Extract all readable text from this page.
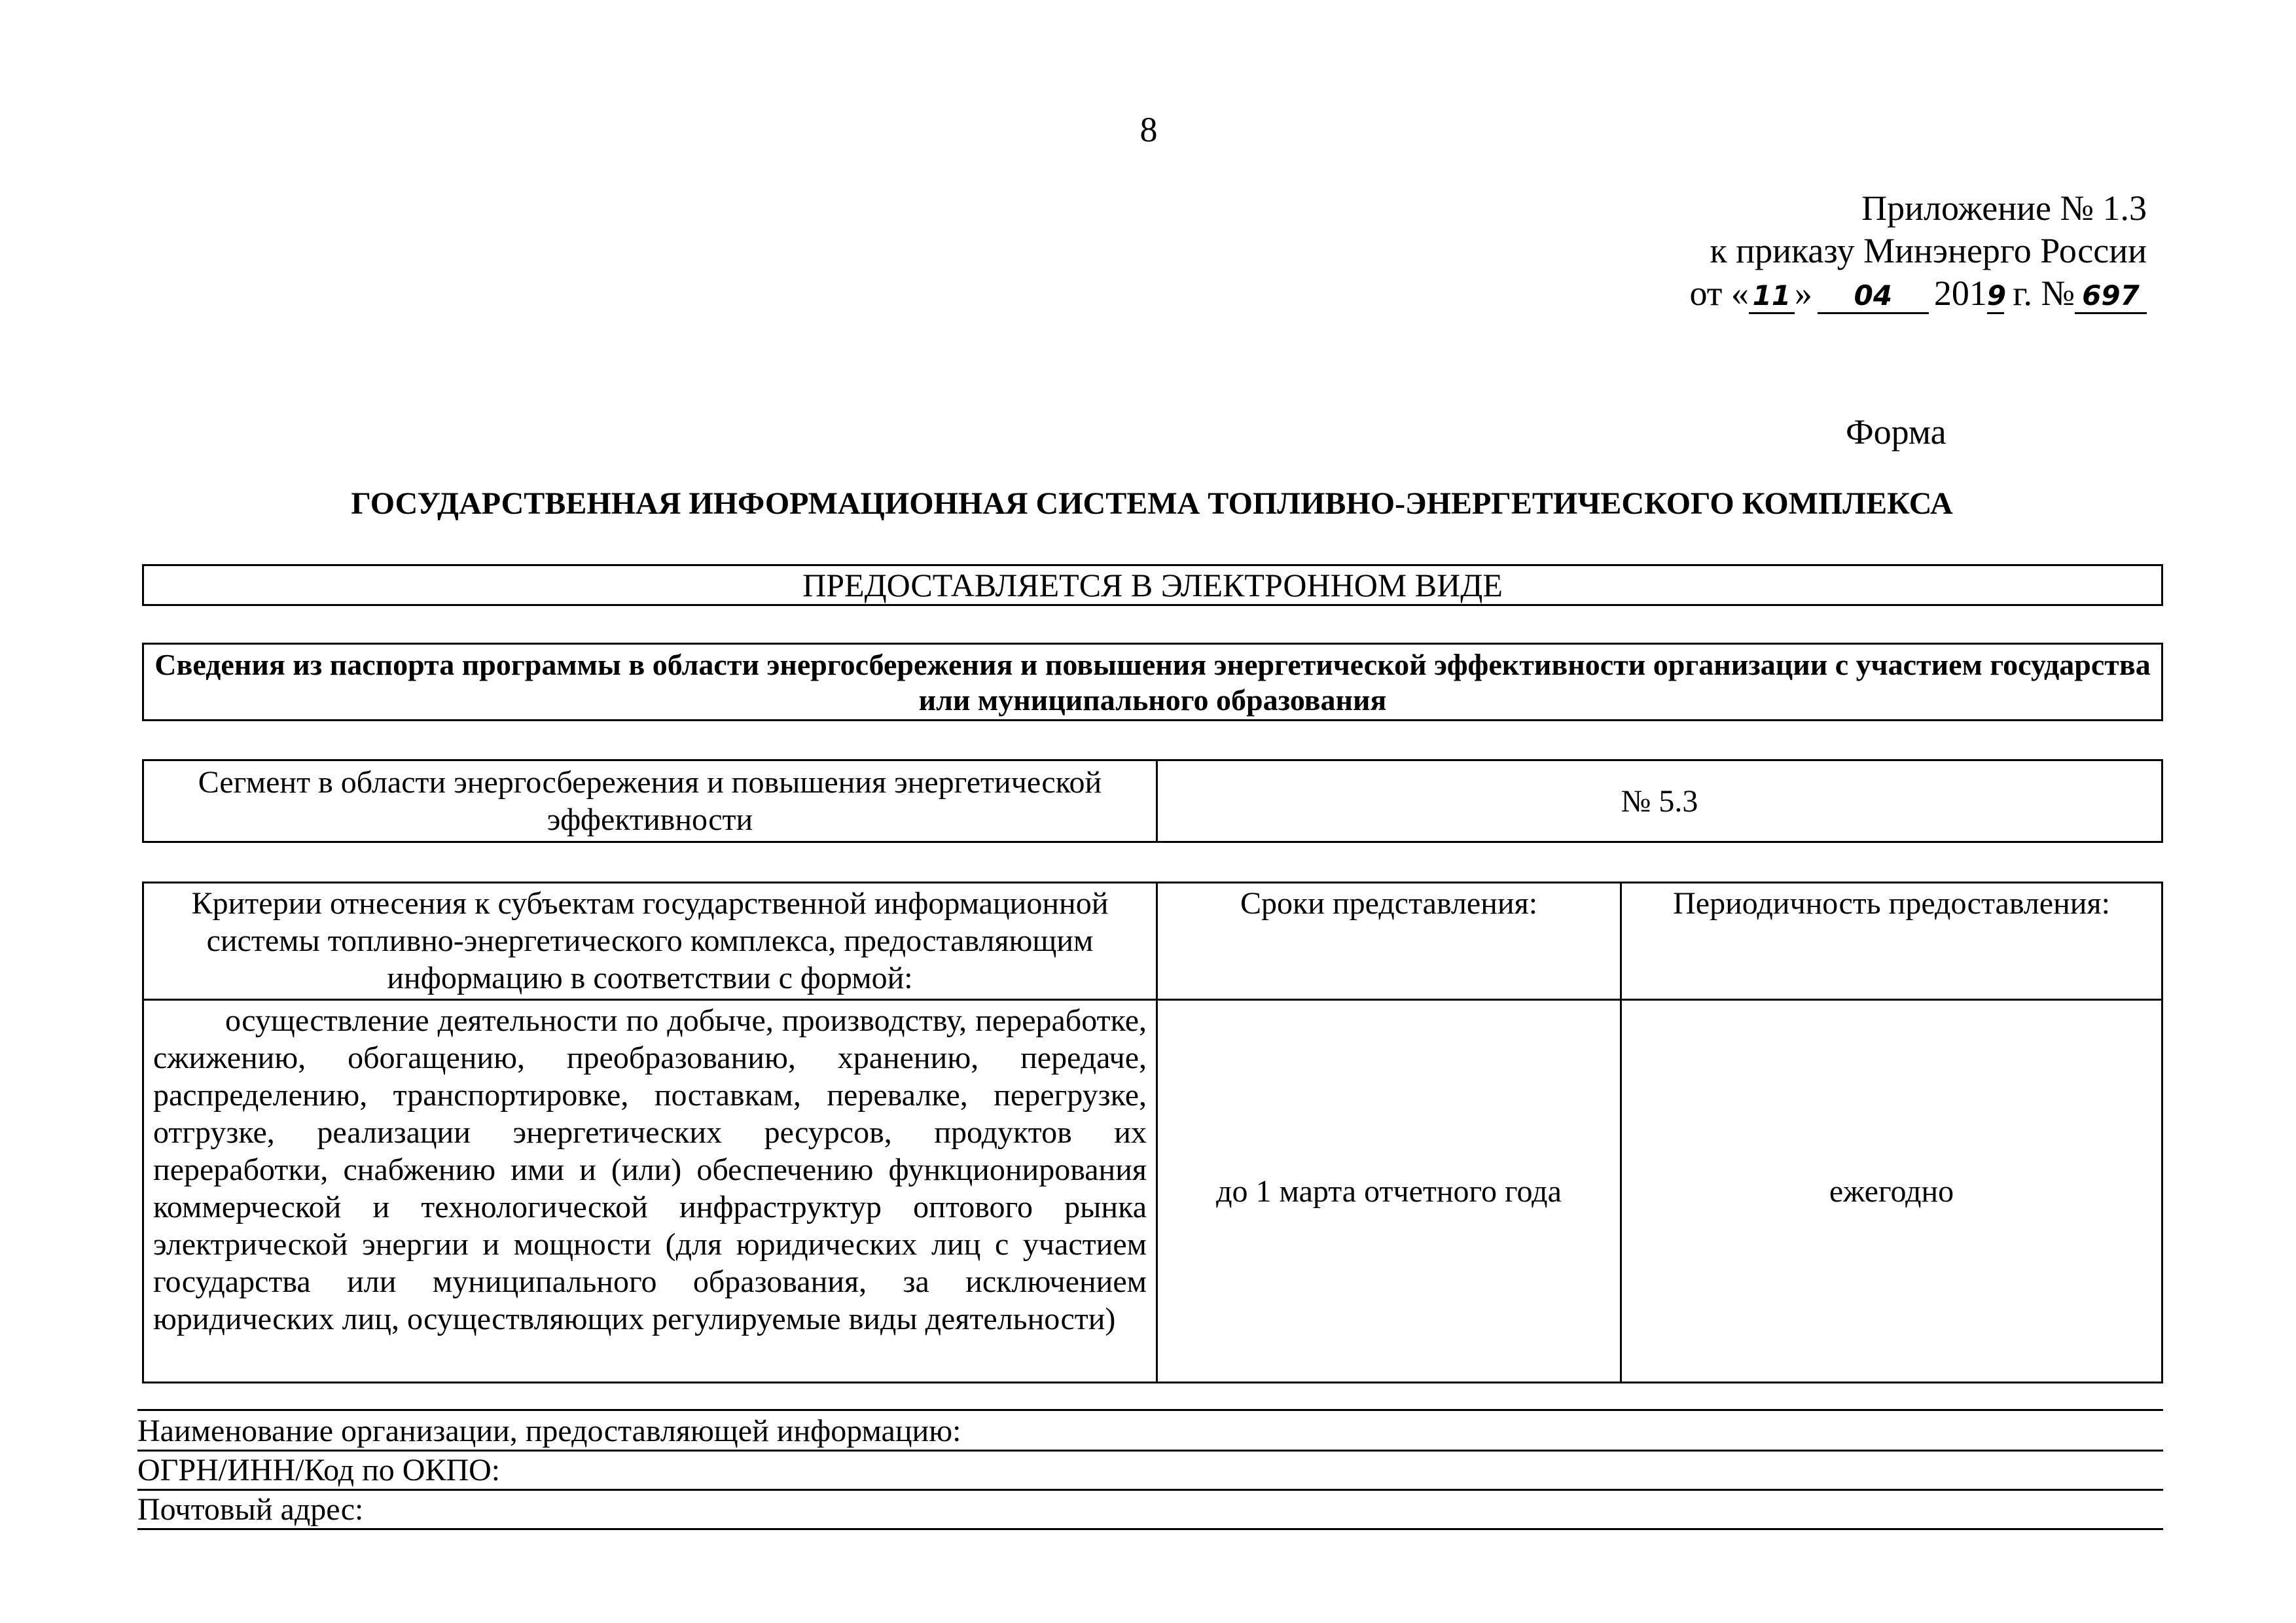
8
Приложение № 1.3
к приказу Минэнерго России
от « 11 » 04 2019 г. № 697
Форма
ГОСУДАРСТВЕННАЯ ИНФОРМАЦИОННАЯ СИСТЕМА ТОПЛИВНО-ЭНЕРГЕТИЧЕСКОГО КОМПЛЕКСА
ПРЕДОСТАВЛЯЕТСЯ В ЭЛЕКТРОННОМ ВИДЕ
Сведения из паспорта программы в области энергосбережения и повышения энергетической эффективности организации с участием государства или муниципального образования
Сегмент в области энергосбережения и повышения энергетической эффективности	№ 5.3
Критерии отнесения к субъектам государственной информационной системы топливно-энергетического комплекса, предоставляющим информацию в соответствии с формой:	Сроки представления:	Периодичность предоставления:

осуществление деятельности по добыче, производству, переработке, сжижению, обогащению, преобразованию, хранению, передаче, распределению, транспортировке, поставкам, перевалке, перегрузке, отгрузке, реализации энергетических ресурсов, продуктов их переработки, снабжению ими и (или) обеспечению функционирования коммерческой и технологической инфраструктур оптового рынка электрической энергии и мощности (для юридических лиц с участием государства или муниципального образования, за исключением юридических лиц, осуществляющих регулируемые виды деятельности)	до 1 марта отчетного года	ежегодно
Наименование организации, предоставляющей информацию:
ОГРН/ИНН/Код по ОКПО:
Почтовый адрес:
